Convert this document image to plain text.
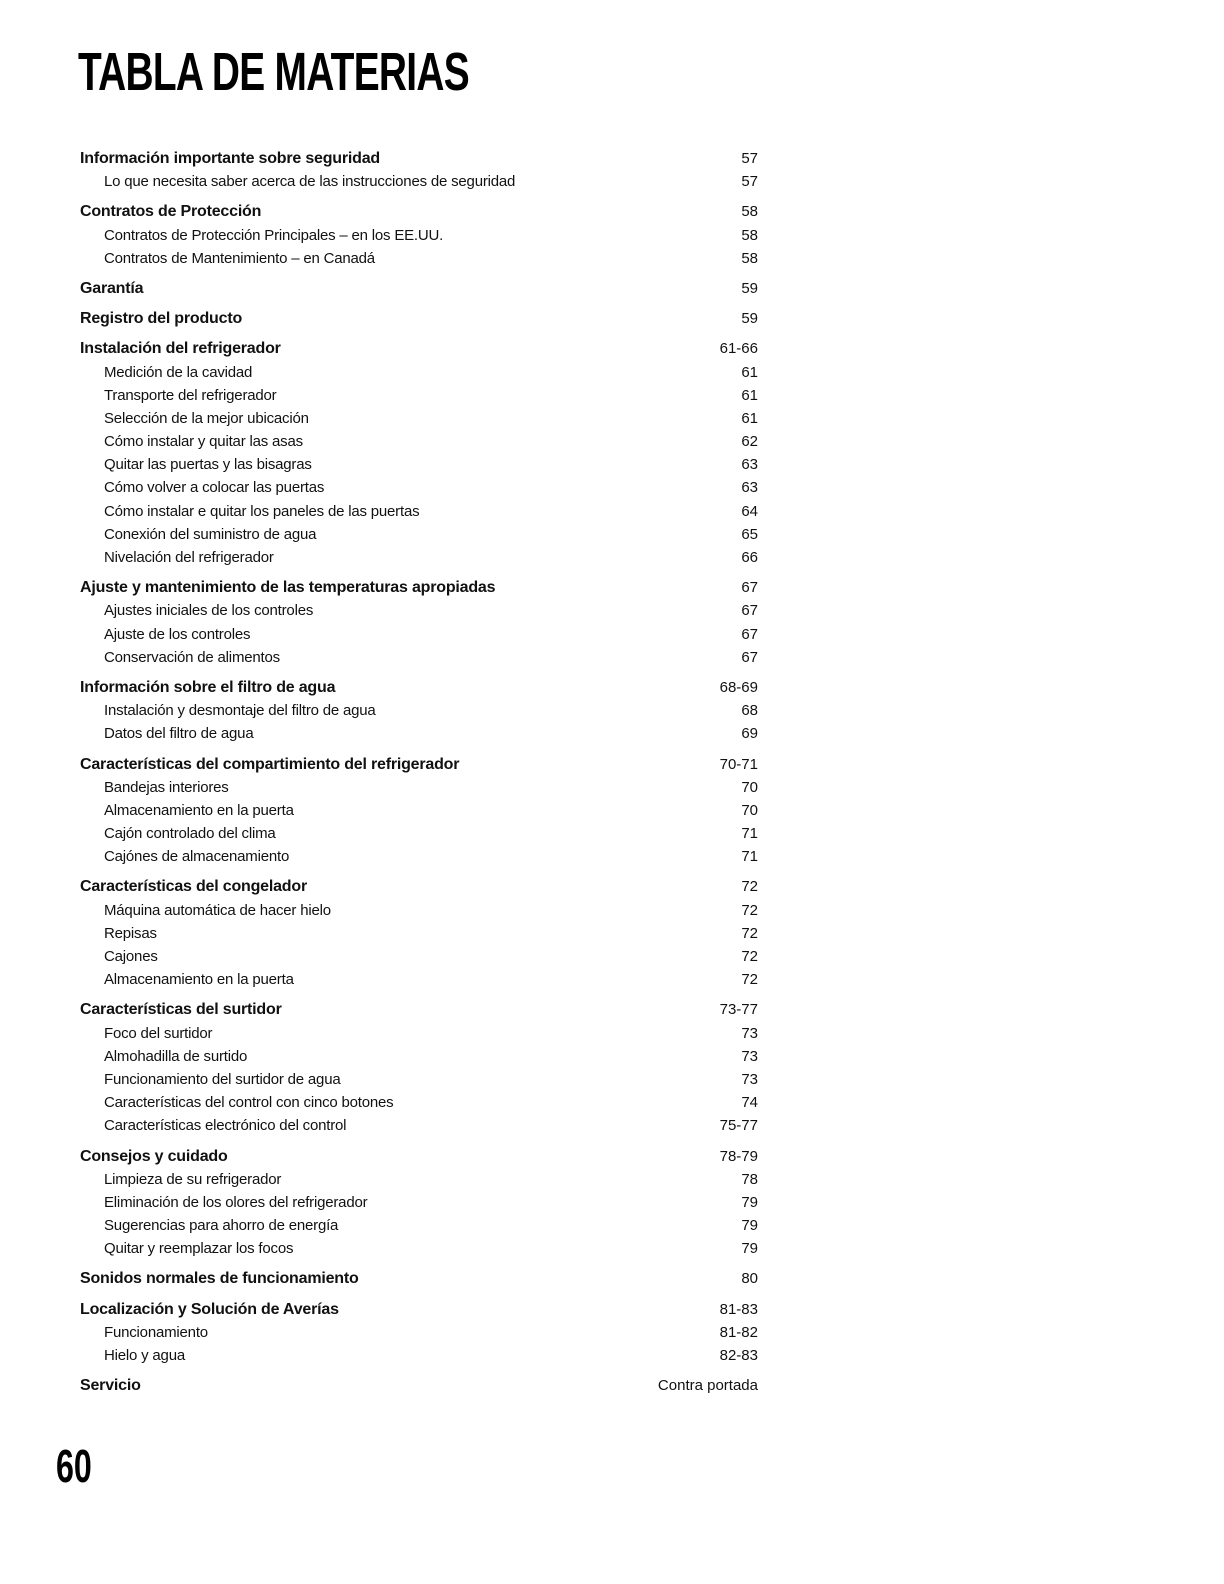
TABLA DE MATERIAS
Información importante sobre seguridad	57
Lo que necesita saber acerca de las instrucciones de seguridad	57
Contratos de Protección	58
Contratos de Protección Principales – en los EE.UU.	58
Contratos de Mantenimiento – en Canadá	58
Garantía	59
Registro del producto	59
Instalación del refrigerador	61-66
Medición de la cavidad	61
Transporte del refrigerador	61
Selección de la mejor ubicación	61
Cómo instalar y quitar las asas	62
Quitar las puertas y las bisagras	63
Cómo volver a colocar las puertas	63
Cómo instalar e quitar los paneles de las puertas	64
Conexión del suministro de agua	65
Nivelación del refrigerador	66
Ajuste y mantenimiento de las temperaturas apropiadas	67
Ajustes iniciales de los controles	67
Ajuste de los controles	67
Conservación de alimentos	67
Información sobre el filtro de agua	68-69
Instalación y desmontaje del filtro de agua	68
Datos del filtro de agua	69
Características del compartimiento del refrigerador	70-71
Bandejas interiores	70
Almacenamiento en la puerta	70
Cajón controlado del clima	71
Cajónes de almacenamiento	71
Características del congelador	72
Máquina automática de hacer hielo	72
Repisas	72
Cajones	72
Almacenamiento en la puerta	72
Características del surtidor	73-77
Foco del surtidor	73
Almohadilla de surtido	73
Funcionamiento del surtidor de agua	73
Características del control con cinco botones	74
Características electrónico del control	75-77
Consejos y cuidado	78-79
Limpieza de su refrigerador	78
Eliminación de los olores del refrigerador	79
Sugerencias para ahorro de energía	79
Quitar y reemplazar los focos	79
Sonidos normales de funcionamiento	80
Localización y Solución de Averías	81-83
Funcionamiento	81-82
Hielo y agua	82-83
Servicio	Contra portada
60
